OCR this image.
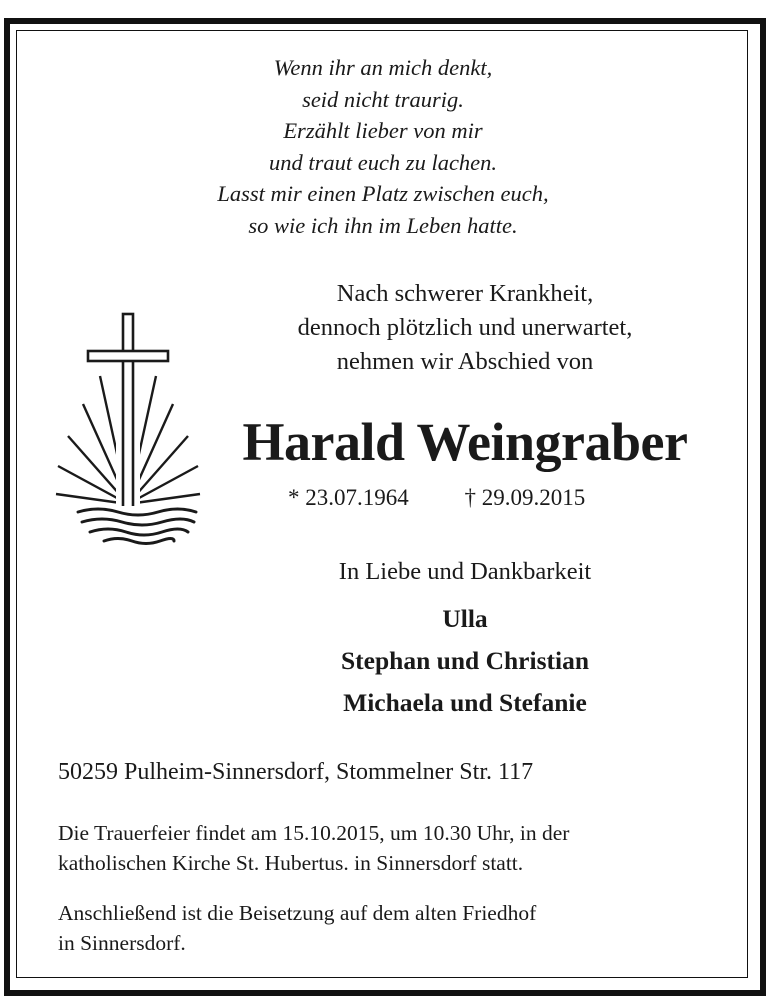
Wenn ihr an mich denkt,
seid nicht traurig.
Erzählt lieber von mir
und traut euch zu lachen.
Lasst mir einen Platz zwischen euch,
so wie ich ihn im Leben hatte.
Nach schwerer Krankheit,
dennoch plötzlich und unerwartet,
nehmen wir Abschied von
Harald Weingraber
* 23.07.1964 † 29.09.2015
In Liebe und Dankbarkeit
Ulla
Stephan und Christian
Michaela und Stefanie
50259 Pulheim-Sinnersdorf, Stommelner Str. 117
Die Trauerfeier findet am 15.10.2015, um 10.30 Uhr, in der
katholischen Kirche St. Hubertus. in Sinnersdorf statt.
Anschließend ist die Beisetzung auf dem alten Friedhof
in Sinnersdorf.
